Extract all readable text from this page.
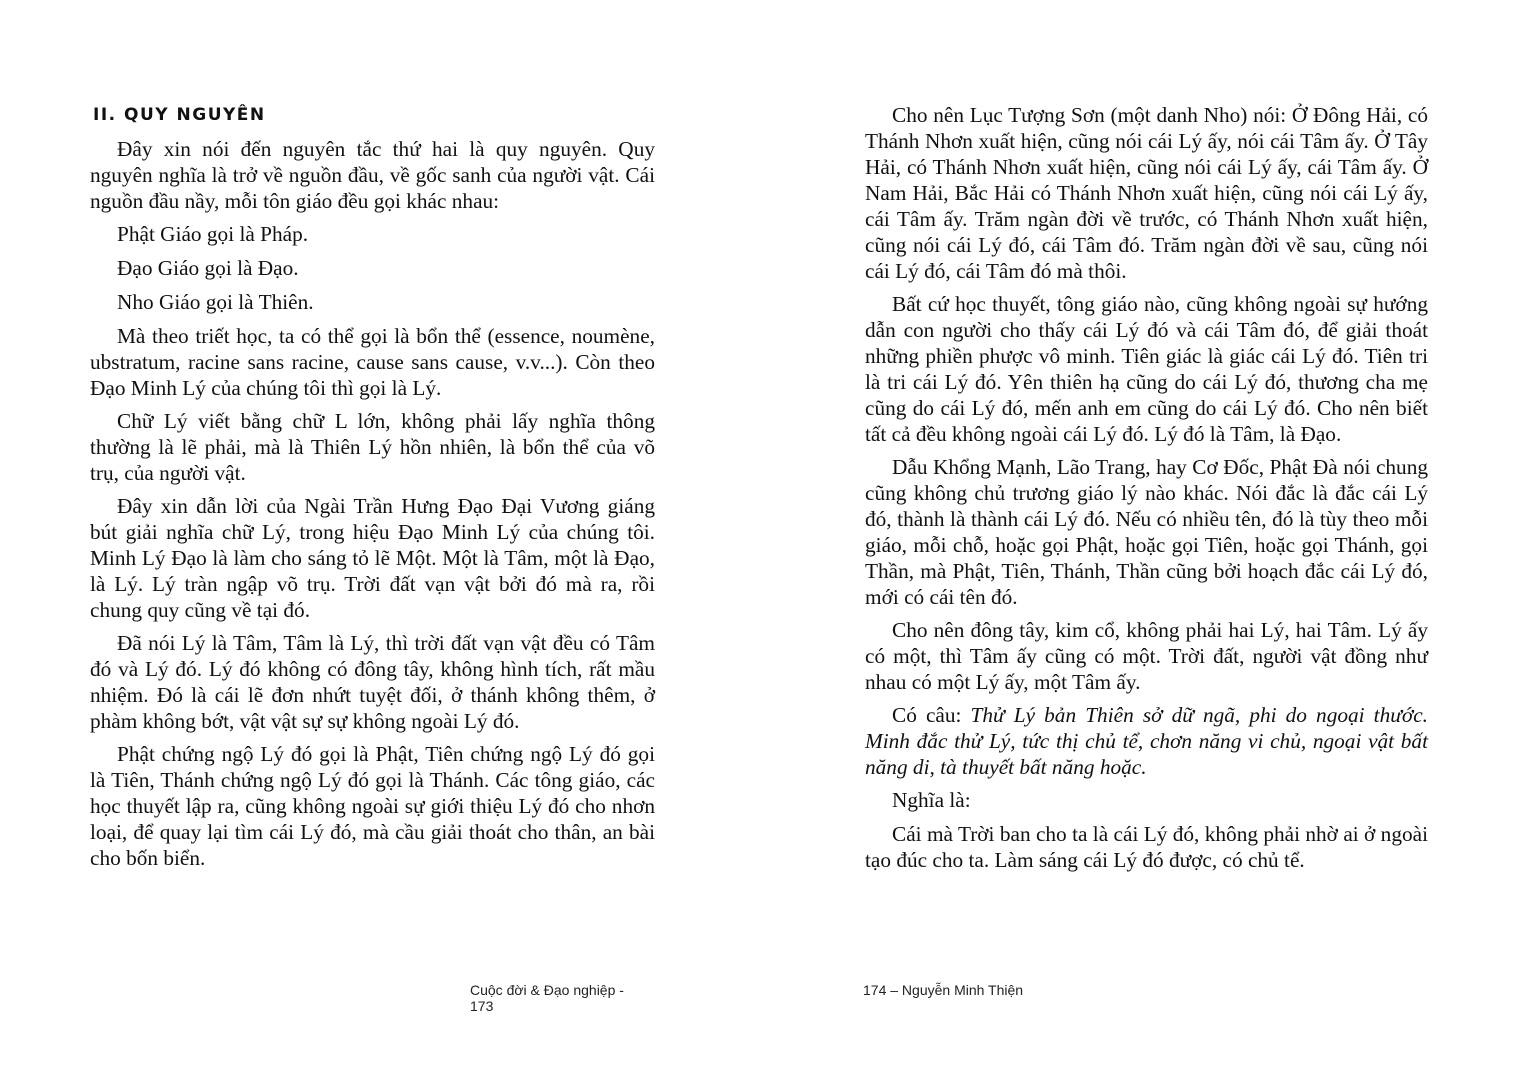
II. QUY NGUYÊN

Đây xin nói đến nguyên tắc thứ hai là quy nguyên. Quy nguyên nghĩa là trở về nguồn đầu, về gốc sanh của người vật. Cái nguồn đầu nầy, mỗi tôn giáo đều gọi khác nhau:

Phật Giáo gọi là Pháp.

Đạo Giáo gọi là Đạo.

Nho Giáo gọi là Thiên.

Mà theo triết học, ta có thể gọi là bổn thể (essence, noumène, ubstratum, racine sans racine, cause sans cause, v.v...). Còn theo Đạo Minh Lý của chúng tôi thì gọi là Lý.

Chữ Lý viết bằng chữ L lớn, không phải lấy nghĩa thông thường là lẽ phải, mà là Thiên Lý hồn nhiên, là bổn thể của võ trụ, của người vật.

Đây xin dẫn lời của Ngài Trần Hưng Đạo Đại Vương giáng bút giải nghĩa chữ Lý, trong hiệu Đạo Minh Lý của chúng tôi. Minh Lý Đạo là làm cho sáng tỏ lẽ Một. Một là Tâm, một là Đạo, là Lý. Lý tràn ngập võ trụ. Trời đất vạn vật bởi đó mà ra, rồi chung quy cũng về tại đó.

Đã nói Lý là Tâm, Tâm là Lý, thì trời đất vạn vật đều có Tâm đó và Lý đó. Lý đó không có đông tây, không hình tích, rất mầu nhiệm. Đó là cái lẽ đơn nhứt tuyệt đối, ở thánh không thêm, ở phàm không bớt, vật vật sự sự không ngoài Lý đó.

Phật chứng ngộ Lý đó gọi là Phật, Tiên chứng ngộ Lý đó gọi là Tiên, Thánh chứng ngộ Lý đó gọi là Thánh. Các tông giáo, các học thuyết lập ra, cũng không ngoài sự giới thiệu Lý đó cho nhơn loại, để quay lại tìm cái Lý đó, mà cầu giải thoát cho thân, an bài cho bốn biển.

Cuộc đời & Đạo nghiệp -173

Cho nên Lục Tượng Sơn (một danh Nho) nói: Ở Đông Hải, có Thánh Nhơn xuất hiện, cũng nói cái Lý ấy, nói cái Tâm ấy. Ở Tây Hải, có Thánh Nhơn xuất hiện, cũng nói cái Lý ấy, cái Tâm ấy. Ở Nam Hải, Bắc Hải có Thánh Nhơn xuất hiện, cũng nói cái Lý ấy, cái Tâm ấy. Trăm ngàn đời về trước, có Thánh Nhơn xuất hiện, cũng nói cái Lý đó, cái Tâm đó. Trăm ngàn đời về sau, cũng nói cái Lý đó, cái Tâm đó mà thôi.

Bất cứ học thuyết, tông giáo nào, cũng không ngoài sự hướng dẫn con người cho thấy cái Lý đó và cái Tâm đó, để giải thoát những phiền phược vô minh. Tiên giác là giác cái Lý đó. Tiên tri là tri cái Lý đó. Yên thiên hạ cũng do cái Lý đó, thương cha mẹ cũng do cái Lý đó, mến anh em cũng do cái Lý đó. Cho nên biết tất cả đều không ngoài cái Lý đó. Lý đó là Tâm, là Đạo.

Dẫu Khổng Mạnh, Lão Trang, hay Cơ Đốc, Phật Đà nói chung cũng không chủ trương giáo lý nào khác. Nói đắc là đắc cái Lý đó, thành là thành cái Lý đó. Nếu có nhiều tên, đó là tùy theo mỗi giáo, mỗi chỗ, hoặc gọi Phật, hoặc gọi Tiên, hoặc gọi Thánh, gọi Thần, mà Phật, Tiên, Thánh, Thần cũng bởi hoạch đắc cái Lý đó, mới có cái tên đó.

Cho nên đông tây, kim cổ, không phải hai Lý, hai Tâm. Lý ấy có một, thì Tâm ấy cũng có một. Trời đất, người vật đồng như nhau có một Lý ấy, một Tâm ấy.

Có câu: Thử Lý bản Thiên sở dữ ngã, phi do ngoại thước. Minh đắc thử Lý, tức thị chủ tể, chơn năng vi chủ, ngoại vật bất năng di, tà thuyết bất năng hoặc.

Nghĩa là:

Cái mà Trời ban cho ta là cái Lý đó, không phải nhờ ai ở ngoài tạo đúc cho ta. Làm sáng cái Lý đó được, có chủ tể.

174 – Nguyễn Minh Thiện
